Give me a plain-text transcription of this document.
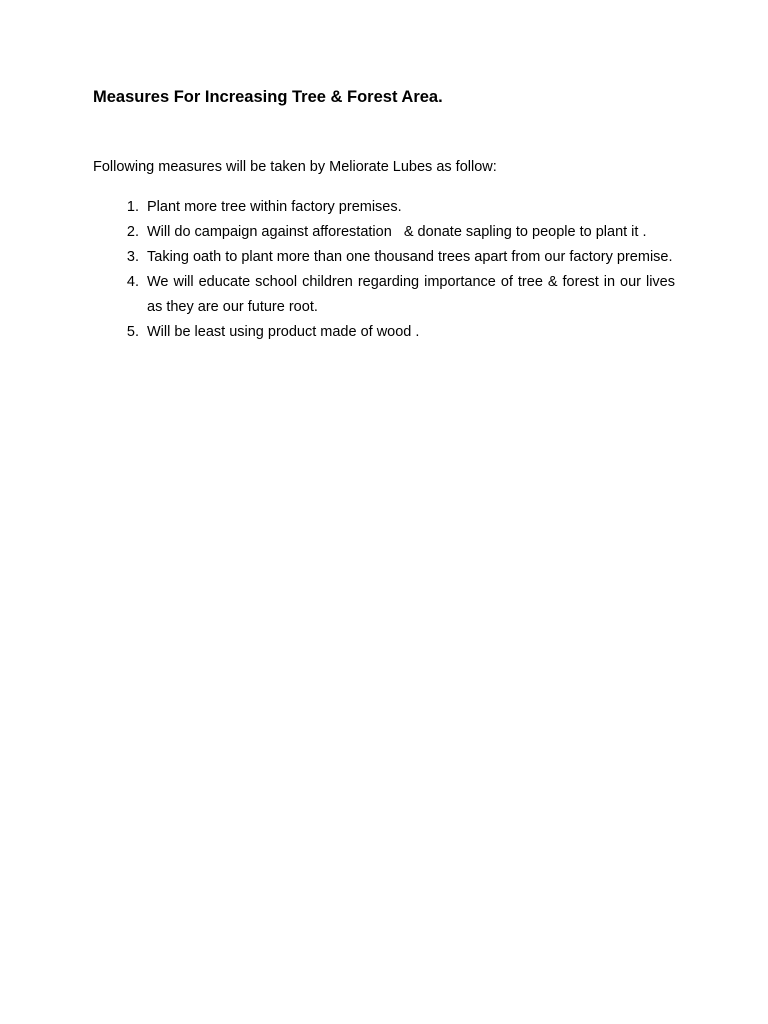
Measures For Increasing Tree & Forest Area.

Following measures will be taken by Meliorate Lubes as follow:

1. Plant more tree within factory premises.
2. Will do campaign against afforestation   & donate sapling to people to plant it .
3. Taking oath to plant more than one thousand trees apart from our factory premise.
4. We will educate school children regarding importance of tree & forest in our lives as they are our future root.
5. Will be least using product made of wood .
